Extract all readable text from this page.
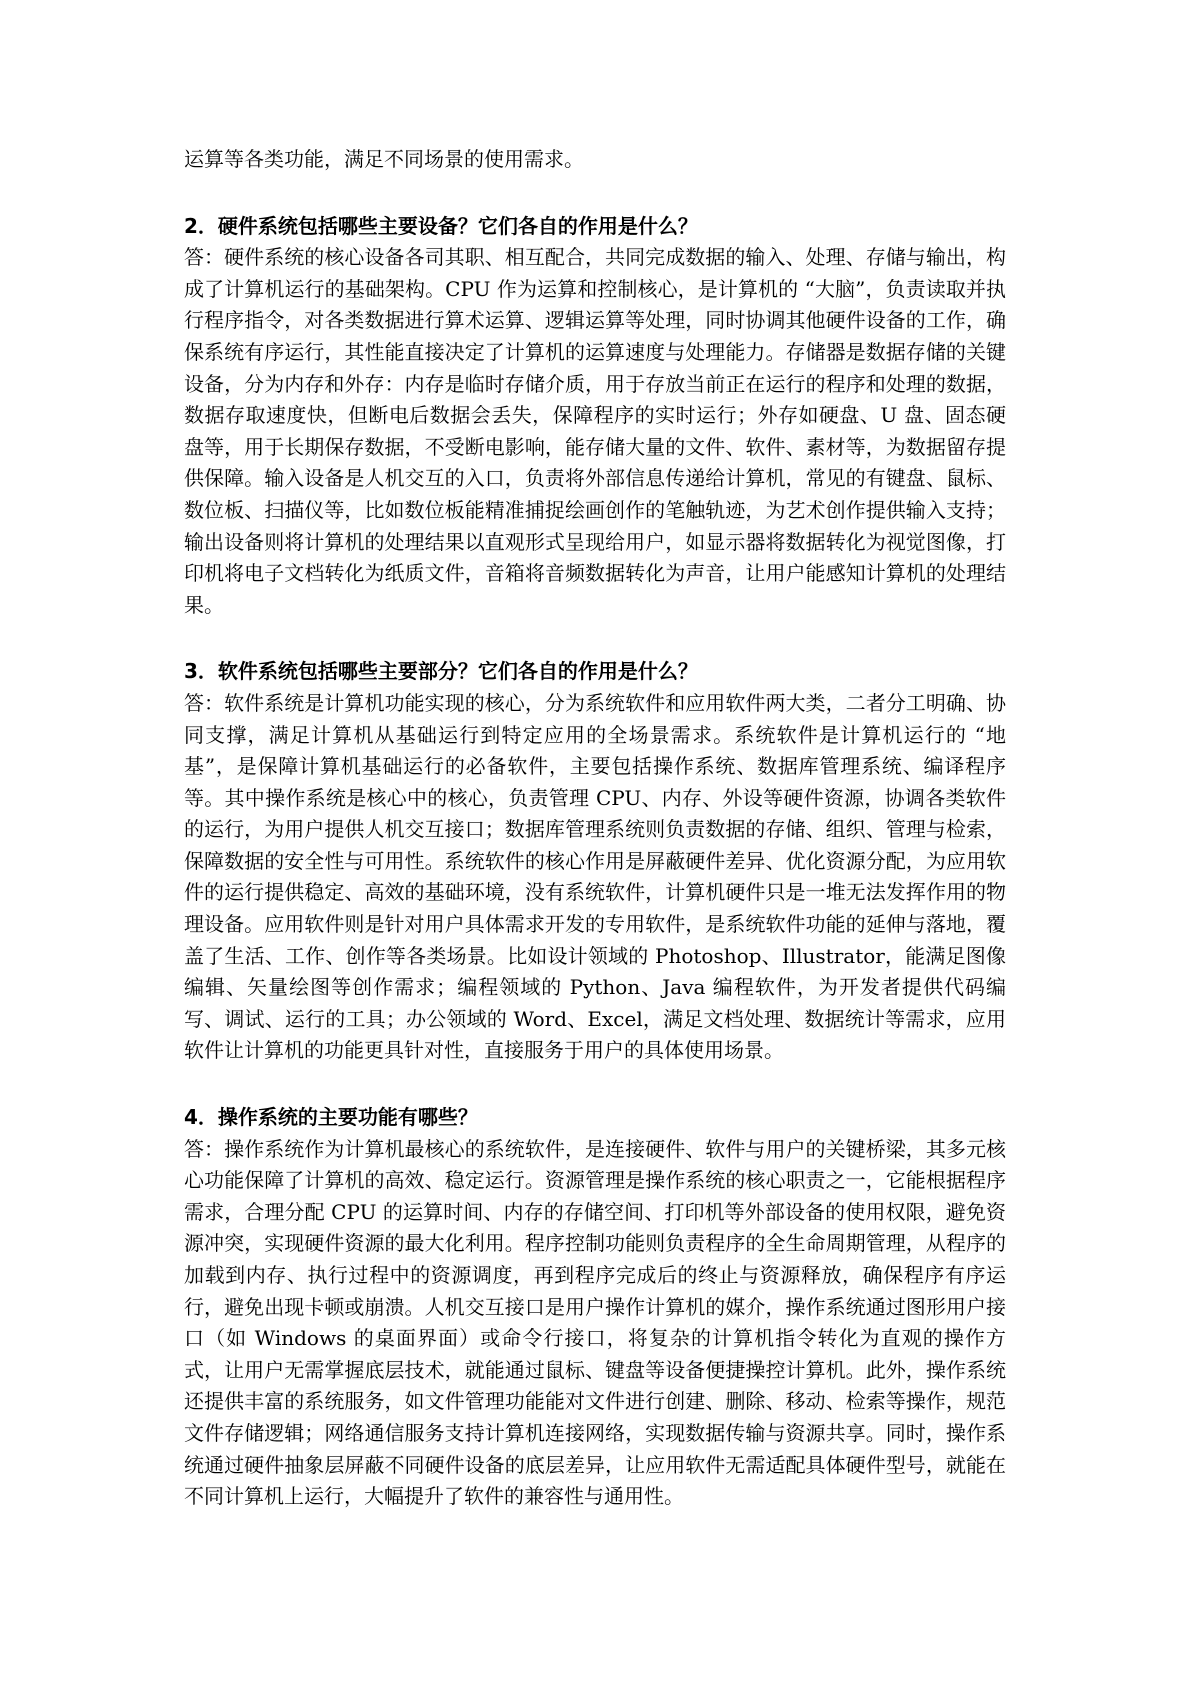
运算等各类功能，满足不同场景的使用需求。

2．硬件系统包括哪些主要设备？它们各自的作用是什么？

答：硬件系统的核心设备各司其职、相互配合，共同完成数据的输入、处理、存储与输出，构成了计算机运行的基础架构。CPU 作为运算和控制核心，是计算机的 “大脑”，负责读取并执行程序指令，对各类数据进行算术运算、逻辑运算等处理，同时协调其他硬件设备的工作，确保系统有序运行，其性能直接决定了计算机的运算速度与处理能力。存储器是数据存储的关键设备，分为内存和外存：内存是临时存储介质，用于存放当前正在运行的程序和处理的数据，数据存取速度快，但断电后数据会丢失，保障程序的实时运行；外存如硬盘、U 盘、固态硬盘等，用于长期保存数据，不受断电影响，能存储大量的文件、软件、素材等，为数据留存提供保障。输入设备是人机交互的入口，负责将外部信息传递给计算机，常见的有键盘、鼠标、数位板、扫描仪等，比如数位板能精准捕捉绘画创作的笔触轨迹，为艺术创作提供输入支持；输出设备则将计算机的处理结果以直观形式呈现给用户，如显示器将数据转化为视觉图像，打印机将电子文档转化为纸质文件，音箱将音频数据转化为声音，让用户能感知计算机的处理结果。

3．软件系统包括哪些主要部分？它们各自的作用是什么？

答：软件系统是计算机功能实现的核心，分为系统软件和应用软件两大类，二者分工明确、协同支撑，满足计算机从基础运行到特定应用的全场景需求。系统软件是计算机运行的 “地基”，是保障计算机基础运行的必备软件，主要包括操作系统、数据库管理系统、编译程序等。其中操作系统是核心中的核心，负责管理 CPU、内存、外设等硬件资源，协调各类软件的运行，为用户提供人机交互接口；数据库管理系统则负责数据的存储、组织、管理与检索，保障数据的安全性与可用性。系统软件的核心作用是屏蔽硬件差异、优化资源分配，为应用软件的运行提供稳定、高效的基础环境，没有系统软件，计算机硬件只是一堆无法发挥作用的物理设备。应用软件则是针对用户具体需求开发的专用软件，是系统软件功能的延伸与落地，覆盖了生活、工作、创作等各类场景。比如设计领域的 Photoshop、Illustrator，能满足图像编辑、矢量绘图等创作需求；编程领域的 Python、Java 编程软件，为开发者提供代码编写、调试、运行的工具；办公领域的 Word、Excel，满足文档处理、数据统计等需求，应用软件让计算机的功能更具针对性，直接服务于用户的具体使用场景。

4．操作系统的主要功能有哪些？

答：操作系统作为计算机最核心的系统软件，是连接硬件、软件与用户的关键桥梁，其多元核心功能保障了计算机的高效、稳定运行。资源管理是操作系统的核心职责之一，它能根据程序需求，合理分配 CPU 的运算时间、内存的存储空间、打印机等外部设备的使用权限，避免资源冲突，实现硬件资源的最大化利用。程序控制功能则负责程序的全生命周期管理，从程序的加载到内存、执行过程中的资源调度，再到程序完成后的终止与资源释放，确保程序有序运行，避免出现卡顿或崩溃。人机交互接口是用户操作计算机的媒介，操作系统通过图形用户接口（如 Windows 的桌面界面）或命令行接口，将复杂的计算机指令转化为直观的操作方式，让用户无需掌握底层技术，就能通过鼠标、键盘等设备便捷操控计算机。此外，操作系统还提供丰富的系统服务，如文件管理功能能对文件进行创建、删除、移动、检索等操作，规范文件存储逻辑；网络通信服务支持计算机连接网络，实现数据传输与资源共享。同时，操作系统通过硬件抽象层屏蔽不同硬件设备的底层差异，让应用软件无需适配具体硬件型号，就能在不同计算机上运行，大幅提升了软件的兼容性与通用性。
